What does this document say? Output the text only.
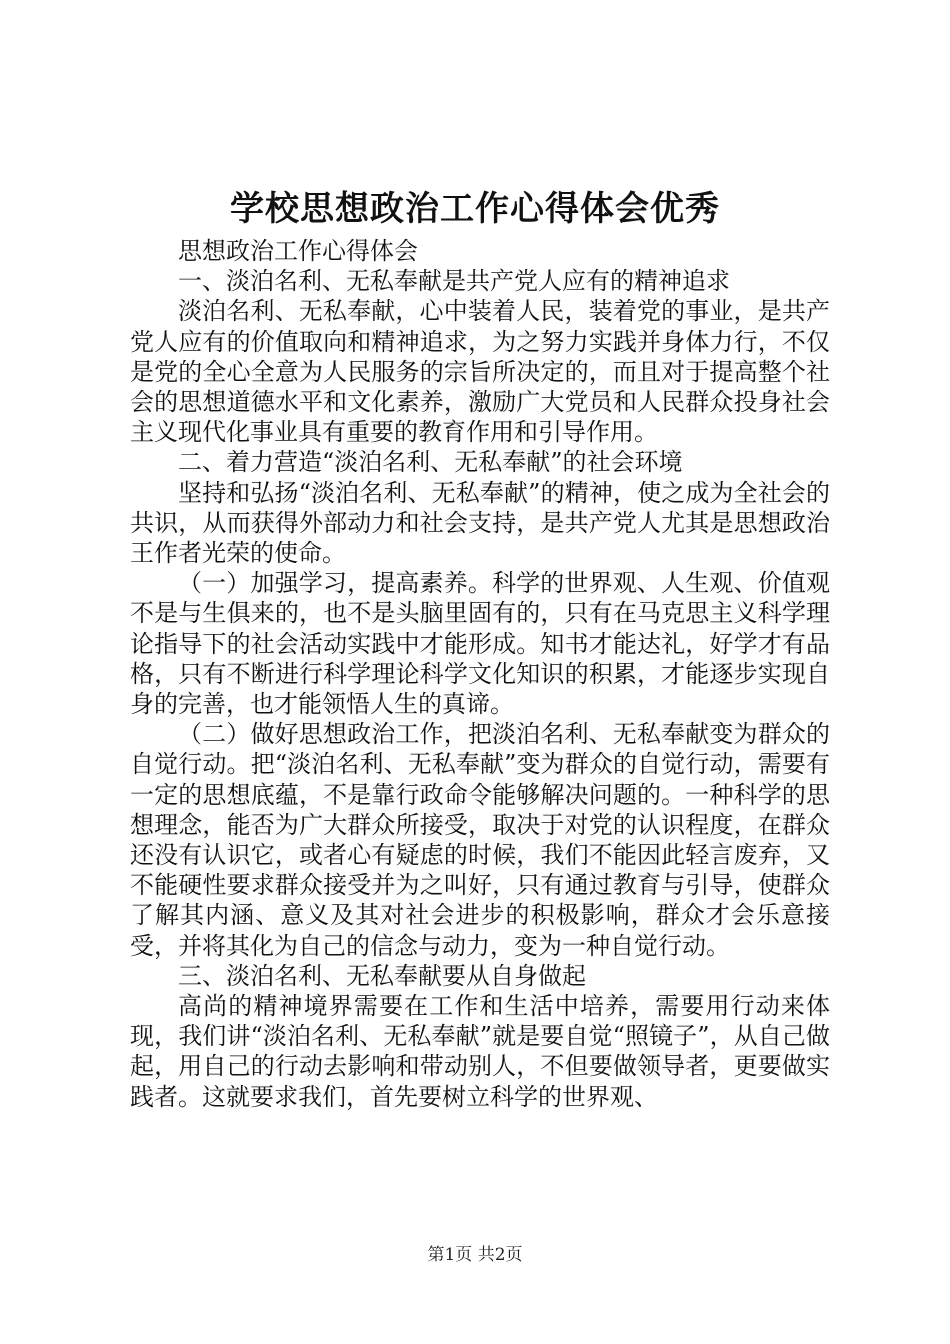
学校思想政治工作心得体会优秀

思想政治工作心得体会

一、淡泊名利、无私奉献是共产党人应有的精神追求

淡泊名利、无私奉献，心中装着人民，装着党的事业，是共产党人应有的价值取向和精神追求，为之努力实践并身体力行，不仅是党的全心全意为人民服务的宗旨所决定的，而且对于提高整个社会的思想道德水平和文化素养，激励广大党员和人民群众投身社会主义现代化事业具有重要的教育作用和引导作用。

二、着力营造“淡泊名利、无私奉献”的社会环境

坚持和弘扬“淡泊名利、无私奉献”的精神，使之成为全社会的共识，从而获得外部动力和社会支持，是共产党人尤其是思想政治王作者光荣的使命。

（一）加强学习，提高素养。科学的世界观、人生观、价值观不是与生俱来的，也不是头脑里固有的，只有在马克思主义科学理论指导下的社会活动实践中才能形成。知书才能达礼，好学才有品格，只有不断进行科学理论科学文化知识的积累，才能逐步实现自身的完善，也才能领悟人生的真谛。

（二）做好思想政治工作，把淡泊名利、无私奉献变为群众的自觉行动。把“淡泊名利、无私奉献”变为群众的自觉行动，需要有一定的思想底蕴，不是靠行政命令能够解决问题的。一种科学的思想理念，能否为广大群众所接受，取决于对党的认识程度，在群众还没有认识它，或者心有疑虑的时候，我们不能因此轻言废弃，又不能硬性要求群众接受并为之叫好，只有通过教育与引导，使群众了解其内涵、意义及其对社会进步的积极影响，群众才会乐意接受，并将其化为自己的信念与动力，变为一种自觉行动。

三、淡泊名利、无私奉献要从自身做起

高尚的精神境界需要在工作和生活中培养，需要用行动来体现，我们讲“淡泊名利、无私奉献”就是要自觉“照镜子”，从自己做起，用自己的行动去影响和带动别人，不但要做领导者，更要做实践者。这就要求我们，首先要树立科学的世界观、

第1页 共2页
